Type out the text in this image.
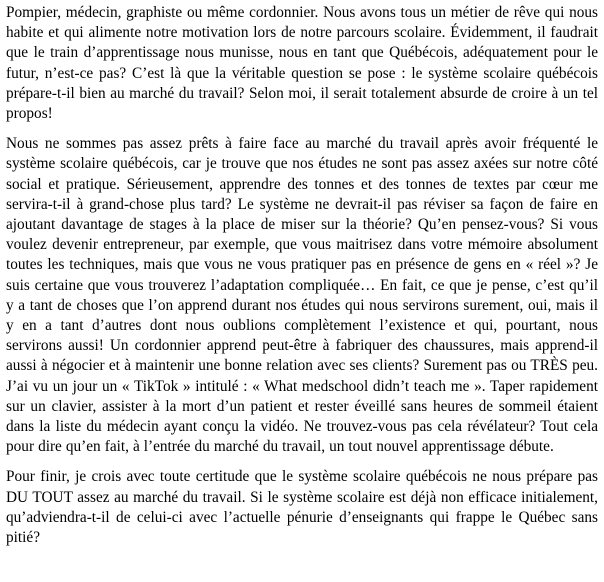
Pompier, médecin, graphiste ou même cordonnier. Nous avons tous un métier de rêve qui nous habite et qui alimente notre motivation lors de notre parcours scolaire. Évidemment, il faudrait que le train d’apprentissage nous munisse, nous en tant que Québécois, adéquatement pour le futur, n’est-ce pas? C’est là que la véritable question se pose : le système scolaire québécois prépare-t-il bien au marché du travail? Selon moi, il serait totalement absurde de croire à un tel propos!

Nous ne sommes pas assez prêts à faire face au marché du travail après avoir fréquenté le système scolaire québécois, car je trouve que nos études ne sont pas assez axées sur notre côté social et pratique. Sérieusement, apprendre des tonnes et des tonnes de textes par cœur me servira-t-il à grand-chose plus tard? Le système ne devrait-il pas réviser sa façon de faire en ajoutant davantage de stages à la place de miser sur la théorie? Qu’en pensez-vous? Si vous voulez devenir entrepreneur, par exemple, que vous maitrisez dans votre mémoire absolument toutes les techniques, mais que vous ne vous pratiquer pas en présence de gens en « réel »? Je suis certaine que vous trouverez l’adaptation compliquée… En fait, ce que je pense, c’est qu’il y a tant de choses que l’on apprend durant nos études qui nous servirons surement, oui, mais il y en a tant d’autres dont nous oublions complètement l’existence et qui, pourtant, nous servirons aussi! Un cordonnier apprend peut-être à fabriquer des chaussures, mais apprend-il aussi à négocier et à maintenir une bonne relation avec ses clients? Surement pas ou TRÈS peu. J’ai vu un jour un « TikTok » intitulé : « What medschool didn’t teach me ». Taper rapidement sur un clavier, assister à la mort d’un patient et rester éveillé sans heures de sommeil étaient dans la liste du médecin ayant conçu la vidéo. Ne trouvez-vous pas cela révélateur? Tout cela pour dire qu’en fait, à l’entrée du marché du travail, un tout nouvel apprentissage débute.

Pour finir, je crois avec toute certitude que le système scolaire québécois ne nous prépare pas DU TOUT assez au marché du travail. Si le système scolaire est déjà non efficace initialement, qu’adviendra-t-il de celui-ci avec l’actuelle pénurie d’enseignants qui frappe le Québec sans pitié?
